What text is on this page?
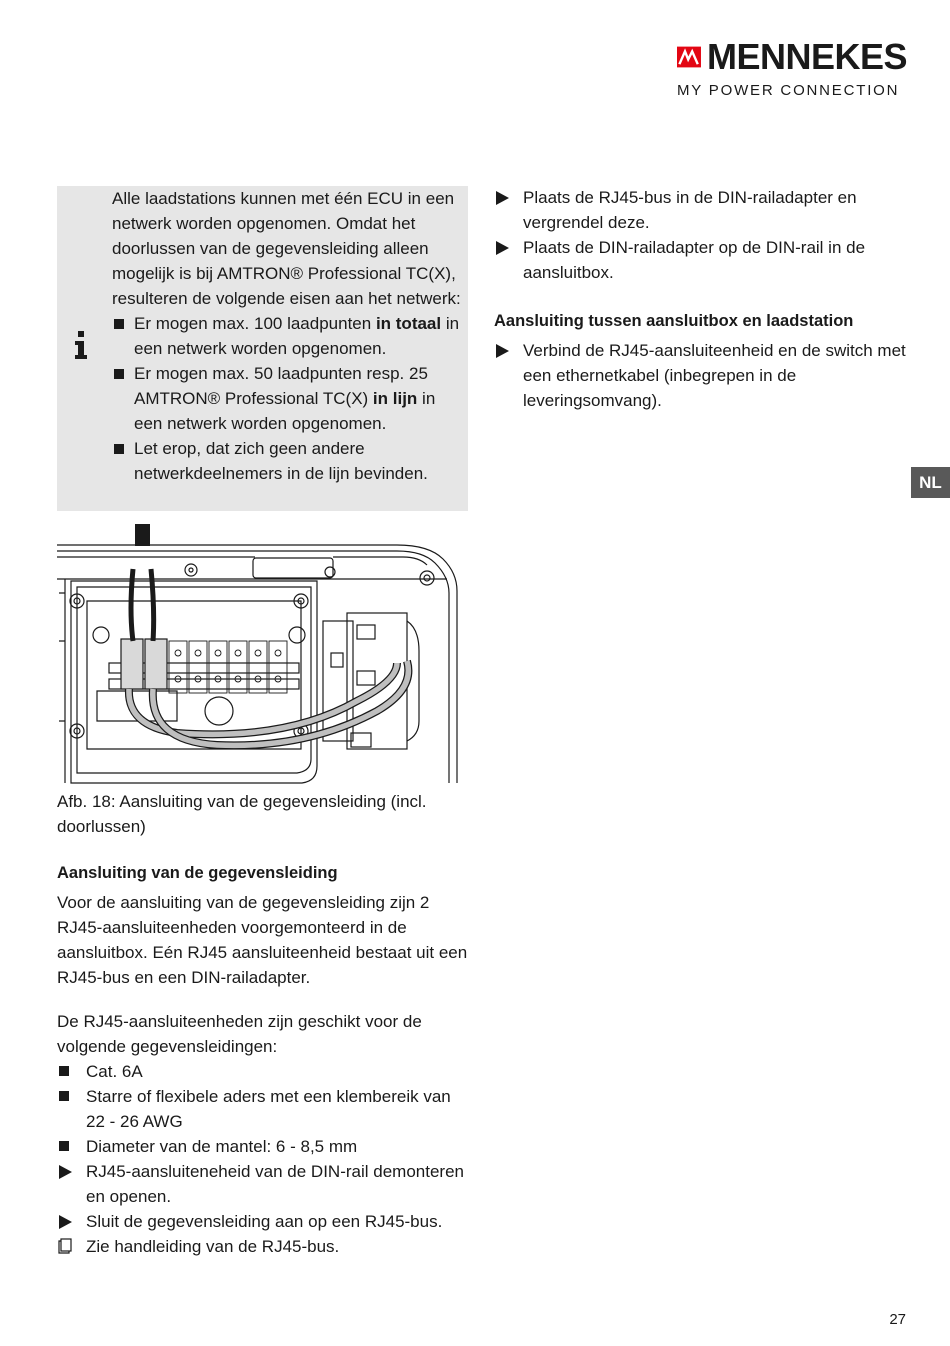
MENNEKES
MY POWER CONNECTION

Alle laadstations kunnen met één ECU in een netwerk worden opgenomen. Omdat het doorlussen van de gegevensleiding alleen mogelijk is bij AMTRON® Professional TC(X), resulteren de volgende eisen aan het netwerk:

Er mogen max. 100 laadpunten in totaal in een netwerk worden opgenomen.
Er mogen max. 50 laadpunten resp. 25 AMTRON® Professional TC(X) in lijn in een netwerk worden opgenomen.
Let erop, dat zich geen andere netwerkdeelnemers in de lijn bevinden.

Afb. 18: Aansluiting van de gegevensleiding (incl. doorlussen)

Aansluiting van de gegevensleiding

Voor de aansluiting van de gegevensleiding zijn 2 RJ45-aansluiteenheden voorgemonteerd in de aansluitbox. Eén RJ45 aansluiteenheid bestaat uit een RJ45-bus en een DIN-railadapter.

De RJ45-aansluiteenheden zijn geschikt voor de volgende gegevensleidingen:

Cat. 6A
Starre of flexibele aders met een klembereik van 22 - 26 AWG
Diameter van de mantel: 6 - 8,5 mm
RJ45-aansluiteneheid van de DIN-rail demonteren en openen.
Sluit de gegevensleiding aan op een RJ45-bus.
Zie handleiding van de RJ45-bus.
Plaats de RJ45-bus in de DIN-railadapter en vergrendel deze.
Plaats de DIN-railadapter op de DIN-rail in de aansluitbox.
Aansluiting tussen aansluitbox en laadstation
Verbind de RJ45-aansluiteenheid en de switch met een ethernetkabel (inbegrepen in de leveringsomvang).
NL
27
